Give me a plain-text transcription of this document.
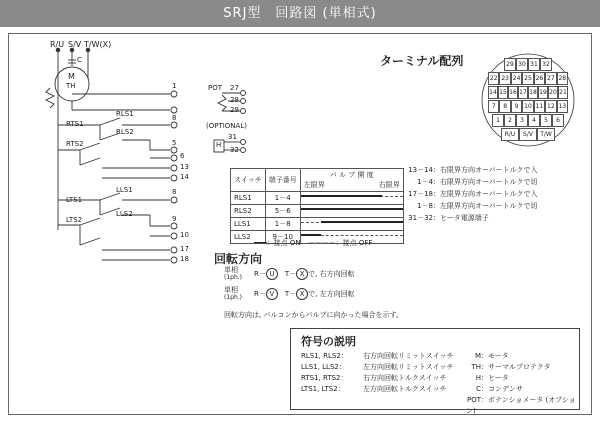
SRJ型　回路図 (単相式)
R/U S/V T/W(X)
C
M
TH
RLS1
RLS2
RTS1
RTS2
LLS1
LLS2
LTS1
LTS2
1
8
5
6
13
14
8
9
10
17
18
POT 27
28
29
(OPTIONAL)
H
31
32
ターミナル配列	29 30 31 32
22 23 24 25 26 27 28
14 15 16 17 18 19 20 21
7	8	9 10 11 12 13
1	2	3	4	5	6
R/U	S/V	T/W
スイッチ	端子番号	バ ル ブ 開 度
左限界 右限界

RLS1	1－4	

RLS2	5－6	

LLS1	1－8	

LLS2	9－10	
━━━：接点 ON　－－－－：接点 OFF
13－14：右限界方向オーバートルクで入
1－4：右限界方向オーバートルクで切
17－18：左限界方向オーバートルクで入
1－8：左限界方向オーバートルクで切
31－32：ヒータ電源端子
回転方向
単相
(1ph.)	R－ U 　T－ X で, 右方向回転
単相
(1ph.)	R－ V 　T－ X で, 左方向回転
回転方向は, バルコンからバルブに向かった場合を示す。
符号の説明
RLS1, RLS2： 右方向回転リミットスイッチ
LLS1, LLS2： 左方向回転リミットスイッチ
RTS1, RTS2： 右方向回転トルクスイッチ
LTS1, LTS2：	左方向回転トルクスイッチ
M：モータ
TH：サーマルプロテクタ
H：ヒータ
C：コンデンサ
POT：ポテンショメータ (オプション)
